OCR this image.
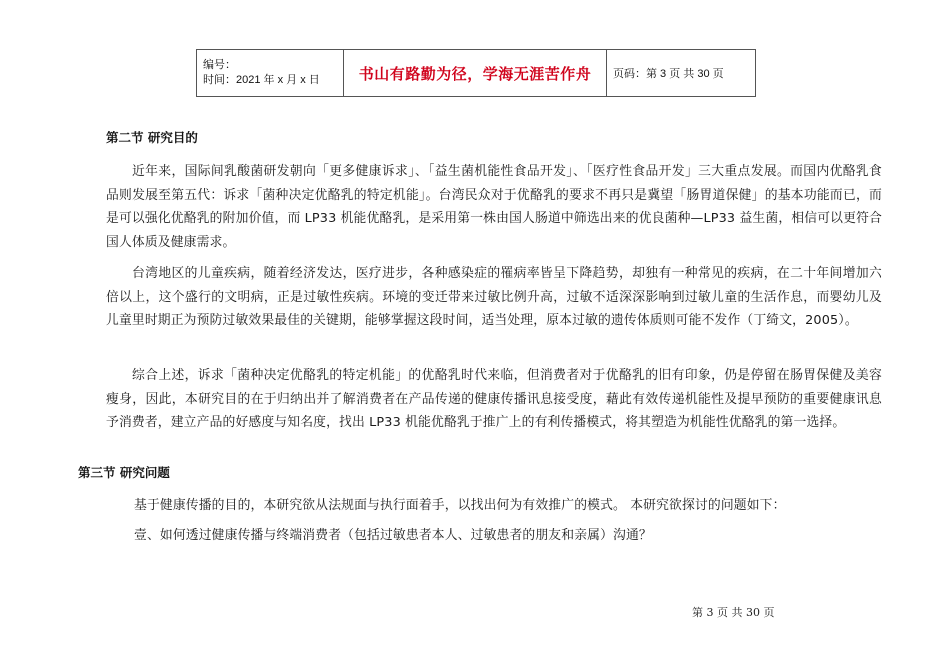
编号：
时间：2021 年 x 月 x 日	书山有路勤为径，学海无涯苦作舟	页码：第 3 页 共 30 页
第二节 研究目的
近年来，国际间乳酸菌研发朝向「更多健康诉求」、「益生菌机能性食品开发」、「医疗性食品开发」三大重点发展。而国内优酪乳食品则发展至第五代：诉求「菌种决定优酪乳的特定机能」。台湾民众对于优酪乳的要求不再只是冀望「肠胃道保健」的基本功能而已，而是可以强化优酪乳的附加价值，而 LP33 机能优酪乳，是采用第一株由国人肠道中筛选出来的优良菌种—LP33 益生菌，相信可以更符合国人体质及健康需求。
台湾地区的儿童疾病，随着经济发达，医疗进步，各种感染症的罹病率皆呈下降趋势，却独有一种常见的疾病，在二十年间增加六倍以上，这个盛行的文明病，正是过敏性疾病。环境的变迁带来过敏比例升高，过敏不适深深影响到过敏儿童的生活作息，而婴幼儿及儿童里时期正为预防过敏效果最佳的关键期，能够掌握这段时间，适当处理，原本过敏的遗传体质则可能不发作（丁绮文，2005）。
综合上述，诉求「菌种决定优酪乳的特定机能」的优酪乳时代来临，但消费者对于优酪乳的旧有印象，仍是停留在肠胃保健及美容瘦身，因此，本研究目的在于归纳出并了解消费者在产品传递的健康传播讯息接受度，藉此有效传递机能性及提早预防的重要健康讯息予消费者，建立产品的好感度与知名度，找出 LP33 机能优酪乳于推广上的有利传播模式，将其塑造为机能性优酪乳的第一选择。
第三节 研究问题
基于健康传播的目的，本研究欲从法规面与执行面着手，以找出何为有效推广的模式。 本研究欲探讨的问题如下：
壹、如何透过健康传播与终端消费者（包括过敏患者本人、过敏患者的朋友和亲属）沟通？
第 3 页 共 30 页
